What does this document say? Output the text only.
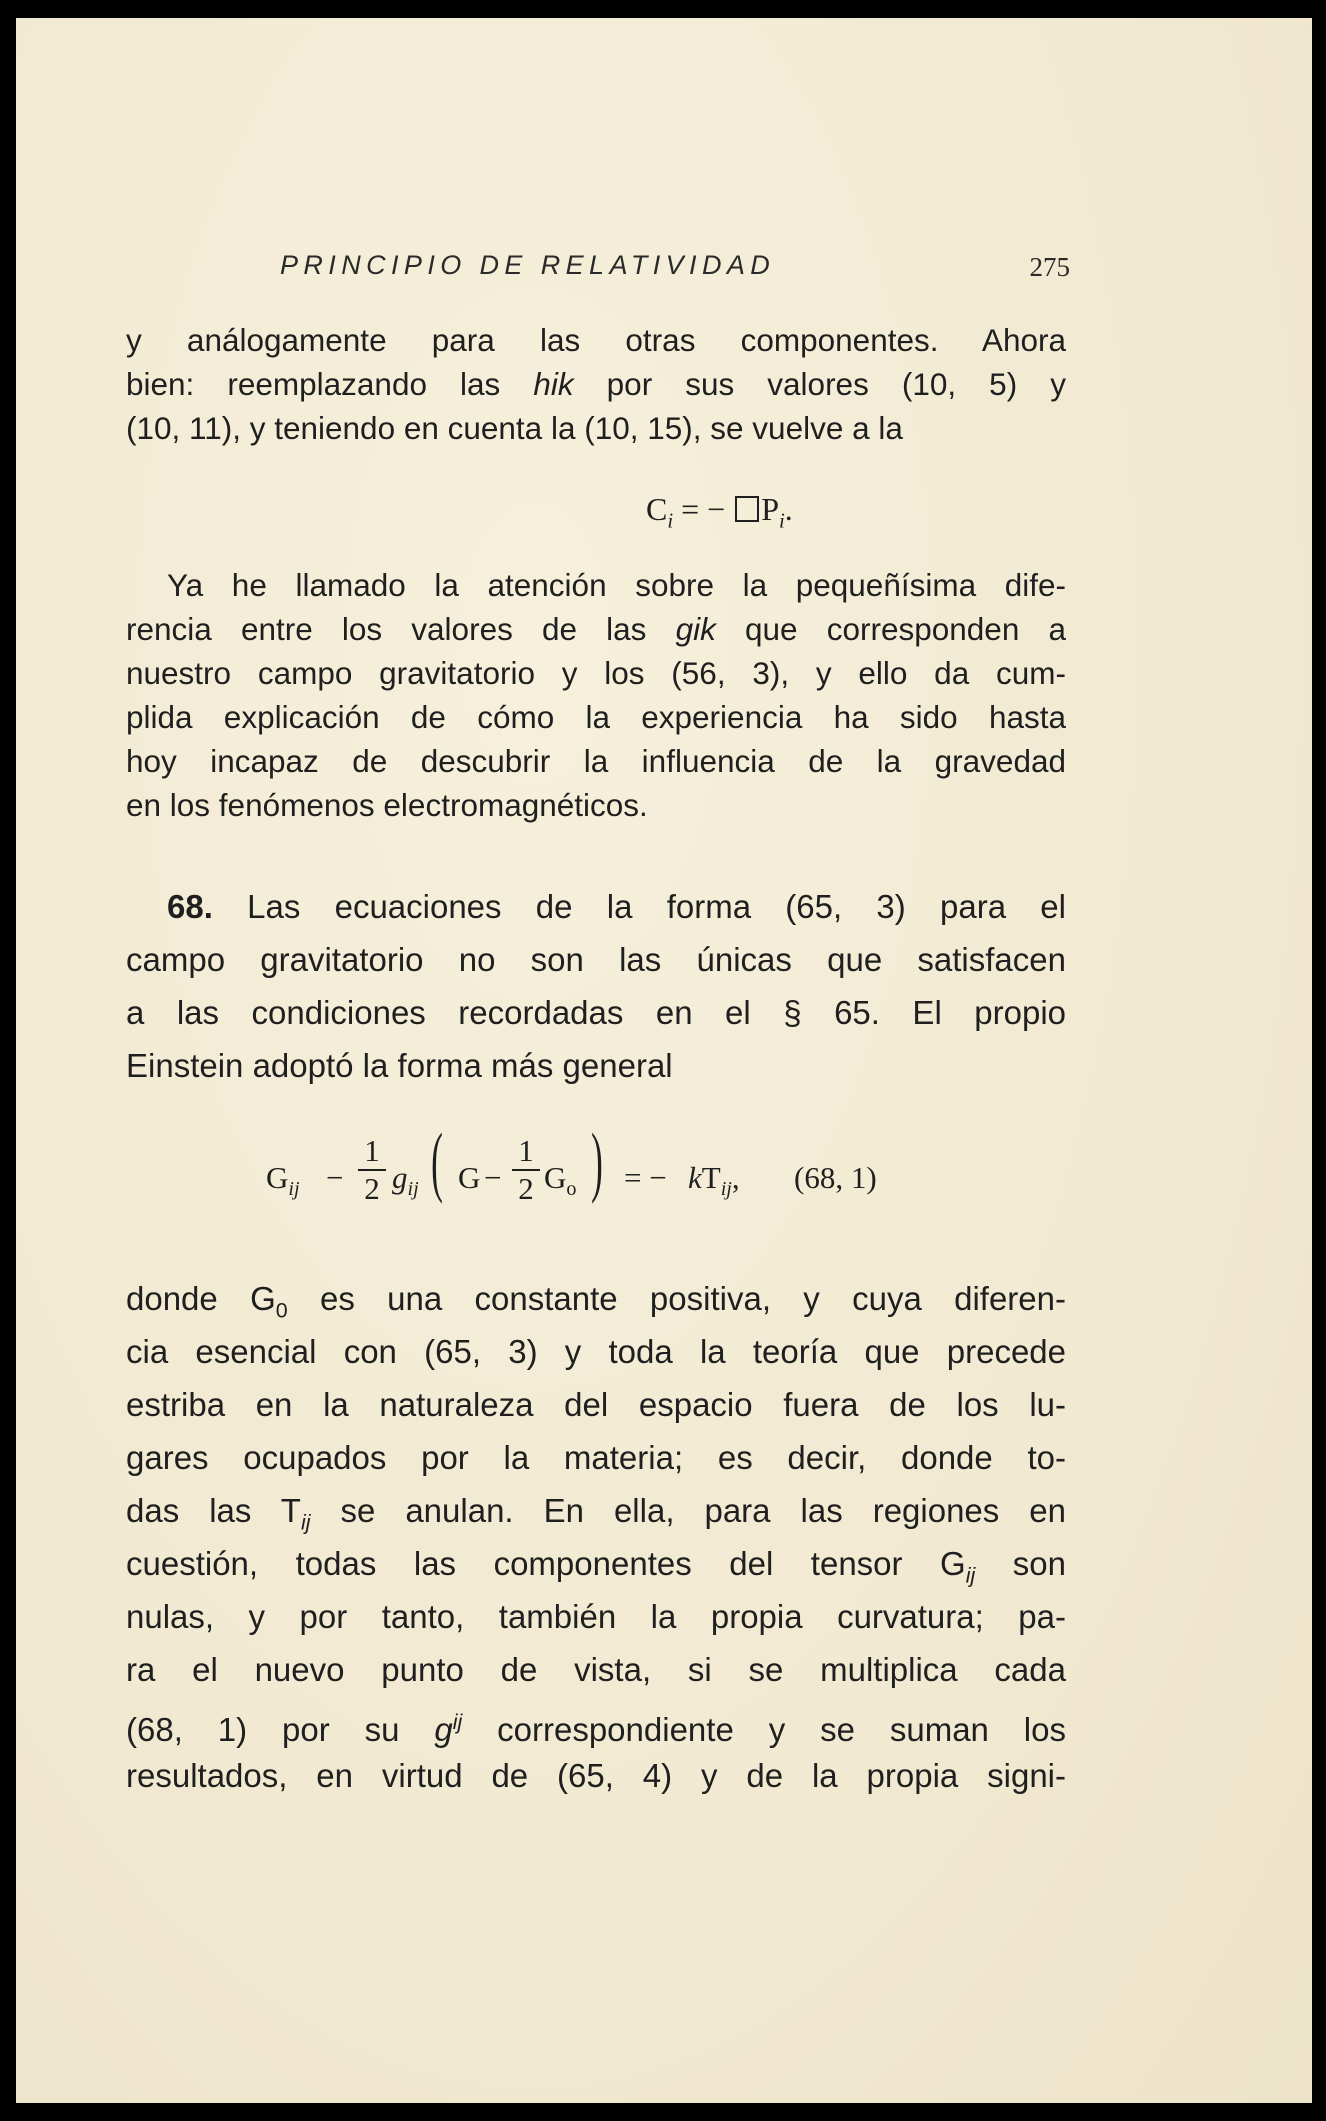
PRINCIPIO DE RELATIVIDAD	275
y análogamente para las otras componentes. Ahora
bien: reemplazando las hik por sus valores (10, 5) y
(10, 11), y teniendo en cuenta la (10, 15), se vuelve a la
$C_i$ = − $P_i$.
Ya he llamado la atención sobre la pequeñísima dife-
rencia entre los valores de las gik que corresponden a
nuestro campo gravitatorio y los (56, 3), y ello da cum-
plida explicación de cómo la experiencia ha sido hasta
hoy incapaz de descubrir la influencia de la gravedad
en los fenómenos electromagnéticos.
68. Las ecuaciones de la forma (65, 3) para el
campo gravitatorio no son las únicas que satisfacen
a las condiciones recordadas en el § 65. El propio
Einstein adoptó la forma más general
$G_{ij}$ −
1
2 $g_{ij}$ ( G −
1
2 $G_o$ ) = − $kT_{ij}$, (68, 1)
donde $G_0$ es una constante positiva, y cuya diferen-
cia esencial con (65, 3) y toda la teoría que precede
estriba en la naturaleza del espacio fuera de los lu-
gares ocupados por la materia; es decir, donde to-
das las $T_{ij}$ se anulan. En ella, para las regiones en
cuestión, todas las componentes del tensor $G_{ij}$ son
nulas, y por tanto, también la propia curvatura; pa-
ra el nuevo punto de vista, si se multiplica cada
(68, 1) por su $g^{ij}$ correspondiente y se suman los
resultados, en virtud de (65, 4) y de la propia signi-
